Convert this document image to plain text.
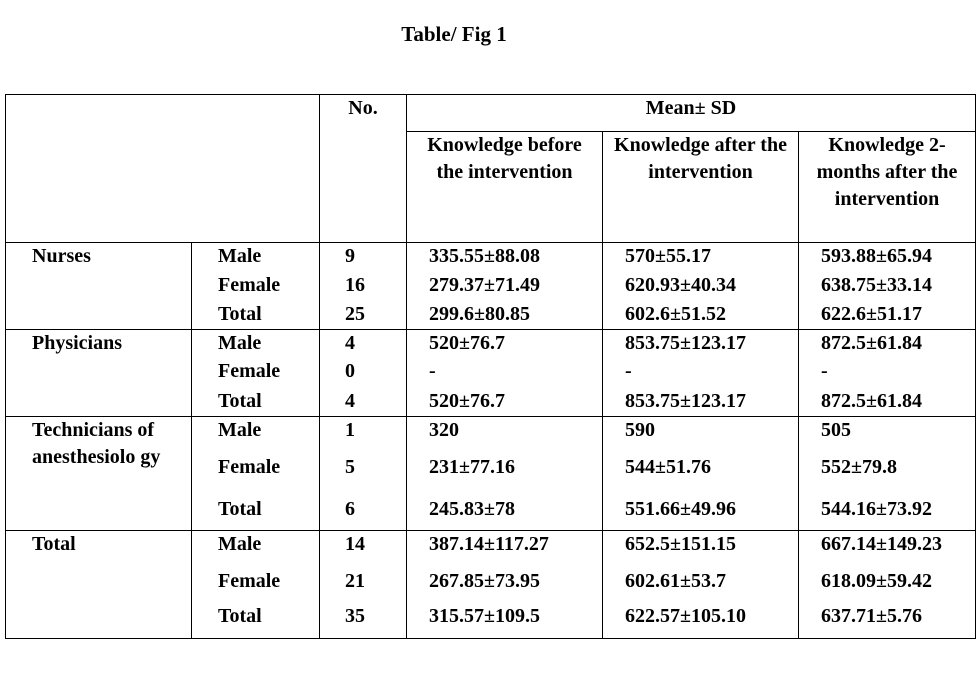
Table/ Fig 1
		No.	Mean± SD		
			Knowledge before the intervention	Knowledge after the intervention	Knowledge 2-months after the intervention
Nurses	Male	9	335.55±88.08	570±55.17	593.88±65.94
	Female	16	279.37±71.49	620.93±40.34	638.75±33.14
	Total	25	299.6±80.85	602.6±51.52	622.6±51.17
Physicians	Male	4	520±76.7	853.75±123.17	872.5±61.84
	Female	0	-	-	-
	Total	4	520±76.7	853.75±123.17	872.5±61.84
Technicians of anesthesiolo gy	Male	1	320	590	505
	Female	5	231±77.16	544±51.76	552±79.8
	Total	6	245.83±78	551.66±49.96	544.16±73.92
Total	Male	14	387.14±117.27	652.5±151.15	667.14±149.23
	Female	21	267.85±73.95	602.61±53.7	618.09±59.42
	Total	35	315.57±109.5	622.57±105.10	637.71±5.76
